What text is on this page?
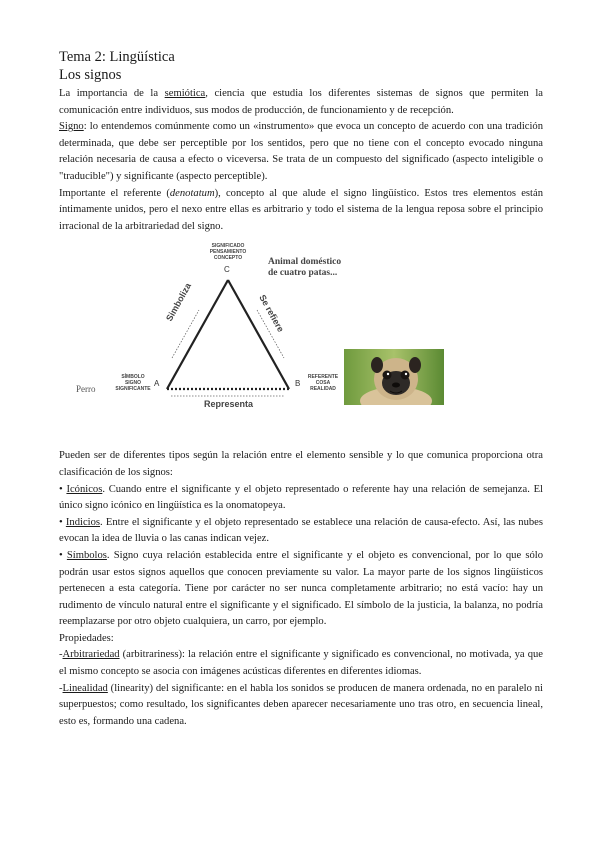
Tema 2: Lingüística
Los signos

La importancia de la semiótica, ciencia que estudia los diferentes sistemas de signos que permiten la comunicación entre individuos, sus modos de producción, de funcionamiento y de recepción.

Signo: lo entendemos comúnmente como un «instrumento» que evoca un concepto de acuerdo con una tradición determinada, que debe ser perceptible por los sentidos, pero que no tiene con el concepto evocado ninguna relación necesaria de causa a efecto o viceversa. Se trata de un compuesto del significado (aspecto inteligible o "traducible") y significante (aspecto perceptible).

Importante el referente (denotatum), concepto al que alude el signo lingüístico. Estos tres elementos están íntimamente unidos, pero el nexo entre ellas es arbitrario y todo el sistema de la lengua reposa sobre el principio irracional de la arbitrariedad del signo.

SIGNIFICADO
PENSAMIENTO
CONCEPTO
C
A	B
SÍMBOLO
SIGNO
SIGNIFICANTE
REFERENTE
COSA
REALIDAD
Simboliza	Se refiere
Representa
Animal doméstico
de cuatro patas...
Perro

Pueden ser de diferentes tipos según la relación entre el elemento sensible y lo que comunica proporciona otra clasificación de los signos:

• Icónicos. Cuando entre el significante y el objeto representado o referente hay una relación de semejanza. El único signo icónico en lingüística es la onomatopeya.

• Indicios. Entre el significante y el objeto representado se establece una relación de causa-efecto. Así, las nubes evocan la idea de lluvia o las canas indican vejez.

• Símbolos. Signo cuya relación establecida entre el significante y el objeto es convencional, por lo que sólo podrán usar estos signos aquellos que conocen previamente su valor. La mayor parte de los signos lingüísticos pertenecen a esta categoría. Tiene por carácter no ser nunca completamente arbitrario; no está vacío: hay un rudimento de vínculo natural entre el significante y el significado. El símbolo de la justicia, la balanza, no podría reemplazarse por otro objeto cualquiera, un carro, por ejemplo.

Propiedades:

-Arbitrariedad (arbitrariness): la relación entre el significante y significado es convencional, no motivada, ya que el mismo concepto se asocia con imágenes acústicas diferentes en diferentes idiomas.

-Linealidad (linearity) del significante: en el habla los sonidos se producen de manera ordenada, no en paralelo ni superpuestos; como resultado, los significantes deben aparecer necesariamente uno tras otro, en secuencia lineal, esto es, formando una cadena.
